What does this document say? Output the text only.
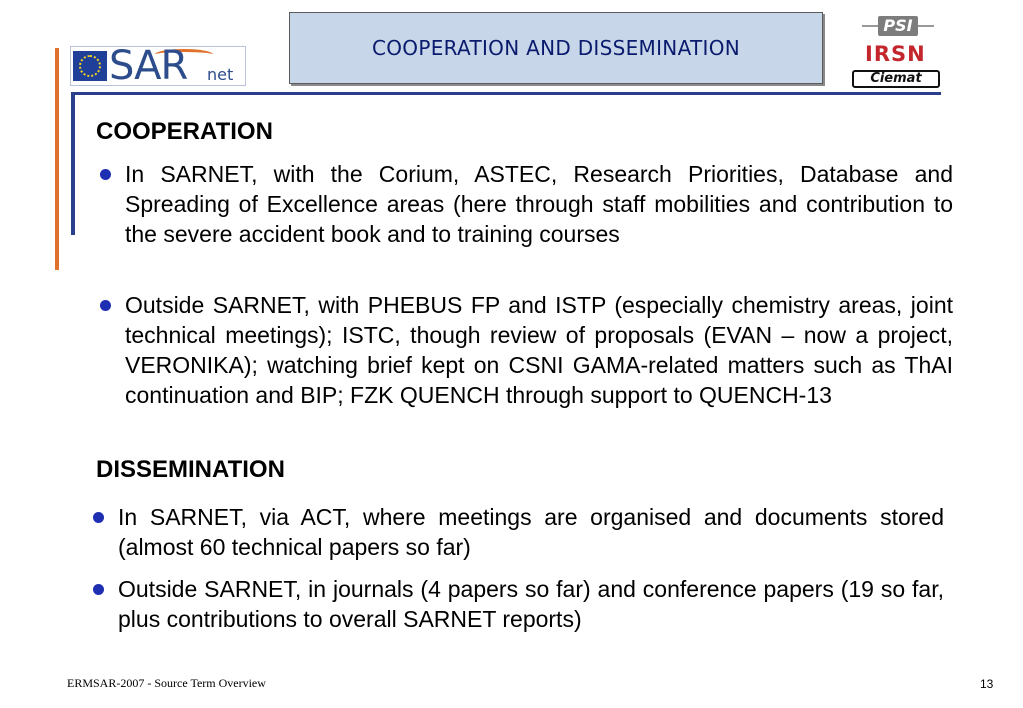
SAR net
COOPERATION AND DISSEMINATION
PSI
IRSN
Ciemat
COOPERATION

In SARNET, with the Corium, ASTEC, Research Priorities, Database and Spreading of Excellence areas (here through staff mobilities and contribution to the severe accident book and to training courses

Outside SARNET, with PHEBUS FP and ISTP (especially chemistry areas, joint technical meetings); ISTC, though review of proposals (EVAN – now a project, VERONIKA); watching brief kept on CSNI GAMA-related matters such as ThAI continuation and BIP; FZK QUENCH through support to QUENCH-13

DISSEMINATION

In SARNET, via ACT, where meetings are organised and documents stored (almost 60 technical papers so far)

Outside SARNET, in journals (4 papers so far) and conference papers (19 so far, plus contributions to overall SARNET reports)

ERMSAR-2007 - Source Term Overview	13
